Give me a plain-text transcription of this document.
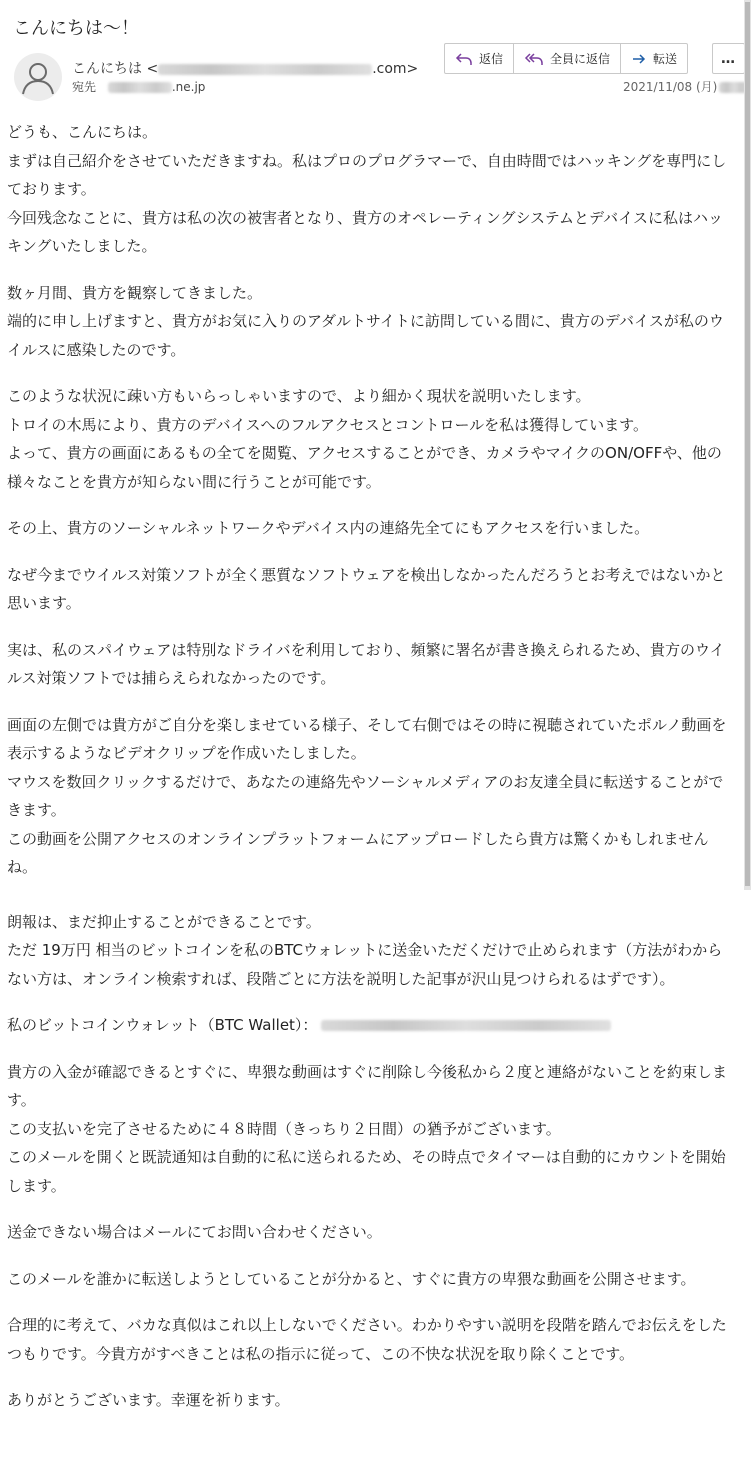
こんにちは〜！
こんにちは <	.com>
宛先	.ne.jp
返信	全員に返信	転送	…
2021/11/08 (月)

どうも、こんにちは。
まずは自己紹介をさせていただきますね。私はプロのプログラマーで、自由時間ではハッキングを専門にしております。
今回残念なことに、貴方は私の次の被害者となり、貴方のオペレーティングシステムとデバイスに私はハッキングいたしました。

数ヶ月間、貴方を観察してきました。
端的に申し上げますと、貴方がお気に入りのアダルトサイトに訪問している間に、貴方のデバイスが私のウイルスに感染したのです。

このような状況に疎い方もいらっしゃいますので、より細かく現状を説明いたします。
トロイの木馬により、貴方のデバイスへのフルアクセスとコントロールを私は獲得しています。
よって、貴方の画面にあるもの全てを閲覧、アクセスすることができ、カメラやマイクのON/OFFや、他の様々なことを貴方が知らない間に行うことが可能です。

その上、貴方のソーシャルネットワークやデバイス内の連絡先全てにもアクセスを行いました。

なぜ今までウイルス対策ソフトが全く悪質なソフトウェアを検出しなかったんだろうとお考えではないかと思います。

実は、私のスパイウェアは特別なドライバを利用しており、頻繁に署名が書き換えられるため、貴方のウイルス対策ソフトでは捕らえられなかったのです。

画面の左側では貴方がご自分を楽しませている様子、そして右側ではその時に視聴されていたポルノ動画を表示するようなビデオクリップを作成いたしました。
マウスを数回クリックするだけで、あなたの連絡先やソーシャルメディアのお友達全員に転送することができます。
この動画を公開アクセスのオンラインプラットフォームにアップロードしたら貴方は驚くかもしれませんね。

朗報は、まだ抑止することができることです。
ただ 19万円 相当のビットコインを私のBTCウォレットに送金いただくだけで止められます（方法がわからない方は、オンライン検索すれば、段階ごとに方法を説明した記事が沢山見つけられるはずです）。

私のビットコインウォレット（BTC Wallet）：

貴方の入金が確認できるとすぐに、卑猥な動画はすぐに削除し今後私から２度と連絡がないことを約束します。
この支払いを完了させるために４８時間（きっちり２日間）の猶予がございます。
このメールを開くと既読通知は自動的に私に送られるため、その時点でタイマーは自動的にカウントを開始します。

送金できない場合はメールにてお問い合わせください。

このメールを誰かに転送しようとしていることが分かると、すぐに貴方の卑猥な動画を公開させます。

合理的に考えて、バカな真似はこれ以上しないでください。わかりやすい説明を段階を踏んでお伝えをしたつもりです。今貴方がすべきことは私の指示に従って、この不快な状況を取り除くことです。

ありがとうございます。幸運を祈ります。
